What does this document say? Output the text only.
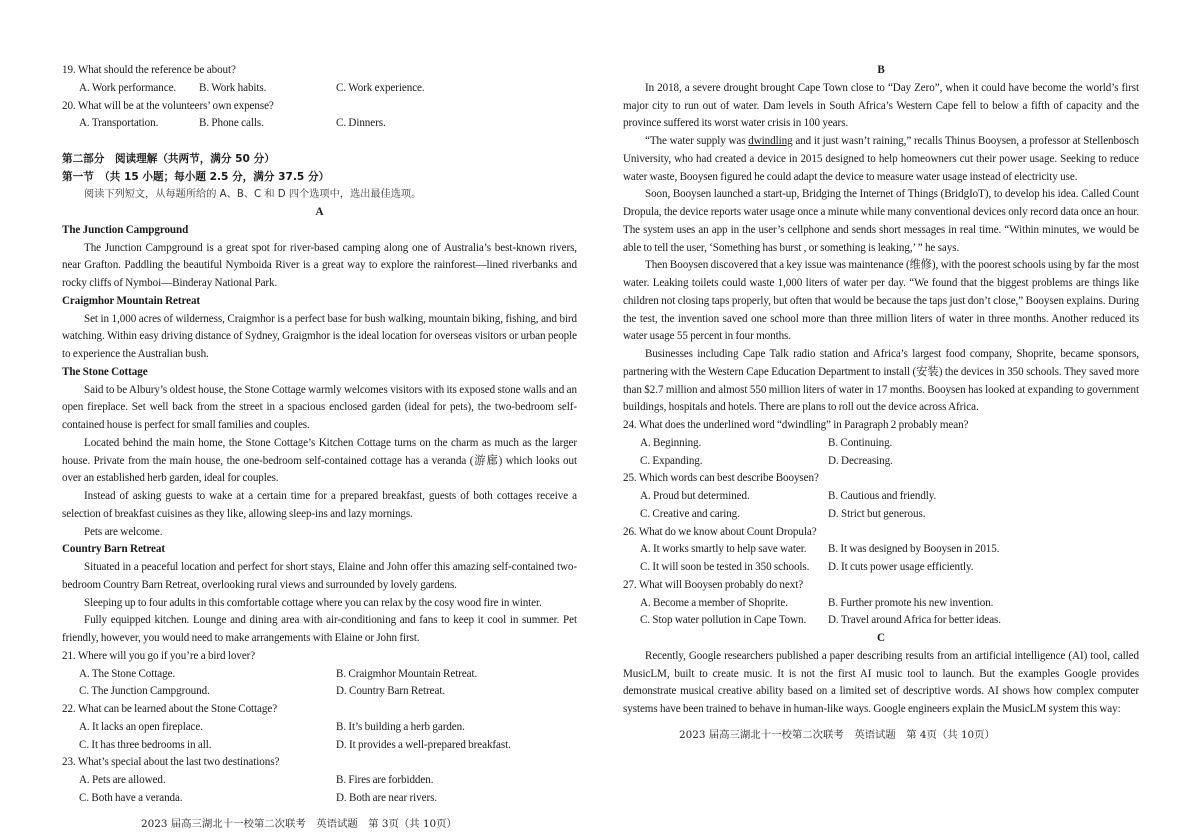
19. What should the reference be about?
A. Work performance.	B. Work habits.	C. Work experience.
20. What will be at the volunteers’ own expense?
A. Transportation.	B. Phone calls.	C. Dinners.
第二部分　阅读理解（共两节，满分 50 分）
第一节　（共 15 小题；每小题 2.5 分，满分 37.5 分）
阅读下列短文，从每题所给的 A、B、C 和 D 四个选项中，选出最佳选项。
A
The Junction Campground

The Junction Campground is a great spot for river-based camping along one of Australia’s best-known rivers, near Grafton. Paddling the beautiful Nymboida River is a great way to explore the rainforest—lined riverbanks and rocky cliffs of Nymboi—Binderay National Park.

Craigmhor Mountain Retreat

Set in 1,000 acres of wilderness, Craigmhor is a perfect base for bush walking, mountain biking, fishing, and bird watching. Within easy driving distance of Sydney, Graigmhor is the ideal location for overseas visitors or urban people to experience the Australian bush.

The Stone Cottage

Said to be Albury’s oldest house, the Stone Cottage warmly welcomes visitors with its exposed stone walls and an open fireplace. Set well back from the street in a spacious enclosed garden (ideal for pets), the two-bedroom self-contained house is perfect for small families and couples.

Located behind the main home, the Stone Cottage’s Kitchen Cottage turns on the charm as much as the larger house. Private from the main house, the one-bedroom self-contained cottage has a veranda (游廊) which looks out over an established herb garden, ideal for couples.

Instead of asking guests to wake at a certain time for a prepared breakfast, guests of both cottages receive a selection of breakfast cuisines as they like, allowing sleep-ins and lazy mornings.

Pets are welcome.

Country Barn Retreat

Situated in a peaceful location and perfect for short stays, Elaine and John offer this amazing self-contained two-bedroom Country Barn Retreat, overlooking rural views and surrounded by lovely gardens.

Sleeping up to four adults in this comfortable cottage where you can relax by the cosy wood fire in winter.

Fully equipped kitchen. Lounge and dining area with air-conditioning and fans to keep it cool in summer. Pet friendly, however, you would need to make arrangements with Elaine or John first.

21. Where will you go if you’re a bird lover?
A. The Stone Cottage.	B. Craigmhor Mountain Retreat.
C. The Junction Campground.	D. Country Barn Retreat.
22. What can be learned about the Stone Cottage?
A. It lacks an open fireplace.	B. It’s building a herb garden.
C. It has three bedrooms in all.	D. It provides a well-prepared breakfast.
23. What’s special about the last two destinations?
A. Pets are allowed.	B. Fires are forbidden.
C. Both have a veranda.	D. Both are near rivers.
2023 届高三湖北十一校第二次联考　英语试题　第 3页（共 10页）
B

In 2018, a severe drought brought Cape Town close to “Day Zero”, when it could have become the world’s first major city to run out of water. Dam levels in South Africa’s Western Cape fell to below a fifth of capacity and the province suffered its worst water crisis in 100 years.

“The water supply was dwindling and it just wasn’t raining,” recalls Thinus Booysen, a professor at Stellenbosch University, who had created a device in 2015 designed to help homeowners cut their power usage. Seeking to reduce water waste, Booysen figured he could adapt the device to measure water usage instead of electricity use.

Soon, Booysen launched a start-up, Bridging the Internet of Things (BridgIoT), to develop his idea. Called Count Dropula, the device reports water usage once a minute while many conventional devices only record data once an hour. The system uses an app in the user’s cellphone and sends short messages in real time. “Within minutes, we would be able to tell the user, ‘Something has burst , or something is leaking,’ ” he says.

Then Booysen discovered that a key issue was maintenance (维修), with the poorest schools using by far the most water. Leaking toilets could waste 1,000 liters of water per day. “We found that the biggest problems are things like children not closing taps properly, but often that would be because the taps just don’t close,” Booysen explains. During the test, the invention saved one school more than three million liters of water in three months. Another reduced its water usage 55 percent in four months.

Businesses including Cape Talk radio station and Africa’s largest food company, Shoprite, became sponsors, partnering with the Western Cape Education Department to install (安装) the devices in 350 schools. They saved more than $2.7 million and almost 550 million liters of water in 17 months. Booysen has looked at expanding to government buildings, hospitals and hotels. There are plans to roll out the device across Africa.

24. What does the underlined word “dwindling” in Paragraph 2 probably mean?
A. Beginning.	B. Continuing.
C. Expanding.	D. Decreasing.
25. Which words can best describe Booysen?
A. Proud but determined.	B. Cautious and friendly.
C. Creative and caring.	D. Strict but generous.
26. What do we know about Count Dropula?
A. It works smartly to help save water.	B. It was designed by Booysen in 2015.
C. It will soon be tested in 350 schools.	D. It cuts power usage efficiently.
27. What will Booysen probably do next?
A. Become a member of Shoprite.	B. Further promote his new invention.
C. Stop water pollution in Cape Town.	D. Travel around Africa for better ideas.
C

Recently, Google researchers published a paper describing results from an artificial intelligence (AI) tool, called MusicLM, built to create music. It is not the first AI music tool to launch. But the examples Google provides demonstrate musical creative ability based on a limited set of descriptive words. AI shows how complex computer systems have been trained to behave in human-like ways. Google engineers explain the MusicLM system this way:

2023 届高三湖北十一校第二次联考　英语试题　第 4页（共 10页）
